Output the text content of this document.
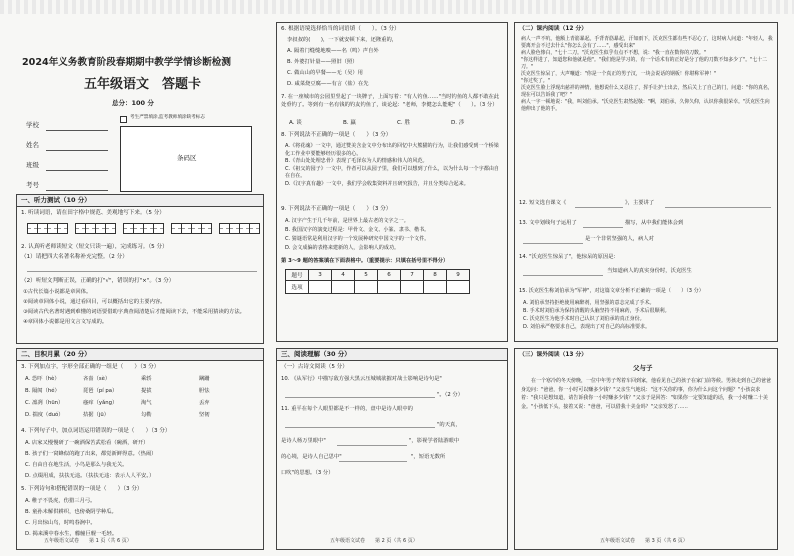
2024年义务教育阶段春期期中教学学情诊断检测
五年级语文　答题卡
总分：100 分
学校
姓名
班级
考号
考生严禁填涂,监考教师填涂缺考标志
条码区
一、听力测试（10 分）
1. 听读词语，请在田字格中规范、美观地写下来。（5 分）
2. 认真听老师读短文（短文只读一遍），完成练习。（5 分）
（1）请把四大名著名称补充完整。（2 分）
（2）听短文判断正误，正确的打"√"，错误的打"×"。（3 分）
①古代长篇小说都是章回体。
②阅读章回体小说，通过看回目，可以概括出它的主要内容。
③阅读古代名著时遇到难懂的词语要借助字典查阅清楚后才能阅读下去，不能采用猜读的方法。
④章回体小说都是用文言文写成的。
二、目积月累（20 分）
3. 下列加点字，字形全部正确的一组是（　　）（3 分）
A. 恐吓（hè）	吝啬（sè）	乘轿	蹒跚
B. 隔阂（hé）	琵琶（pí pa）	提拔	胆怯
C. 凛冽（hūn）	瘙痒（yǎng）	淘气	丢弃
D. 揣度（duó）	拮据（jū）	勾勒	坚韧
4. 下列句子中，加点词语运用错误的一项是（　　）（3 分）
A. 店家又慢慢研了一碗酒保苦武松看（碗酒，研开）
B. 孩子们一窝蜂似的跑了出来，都觉新鲜得意。（热闹）
C. 自由自在地生活，小鸟是那么与我无关。
D. 点缀用成，扶扶无违。（扶扶无违：表示人人平安。）
5. 下列诗句和搭配错误的一项是（　　）（3 分）
A. 稚子不畏虎，伤猎三月弓。
B. 童孙未解供耕织，也傍桑阴学种瓜。
C. 月出惊山鸟，时鸣春涧中。
D. 揭来溪中春水生，艨艟巨舰一毛轻。
6. 根据语境选择恰当的词语填（　　）。（3 分）
李叔叔的(　　)，一下就安顿下来，还隆重的，
A. 隔着门缝缝地嗅——名（鸣）声自外
B. 外婆打针量——照旧（照）
C. 做山山的早餐——无（吴）用
D. 咸菜烧豆腐——有言（盐）在先
7. 在一座城市的公园里竖起了一块牌子，上面写着："有人钓鱼……"当时钓鱼的人都不敢在此处垂钓了。等到有一名有钱的钓友钓鱼了，谈论起："老师，李健怎么能呢"（　　）。（3 分）
A. 谈	B. 赢	C. 胜	D. 涉
8. 下列说法不正确的一项是（　　）（3 分）
A.《将花魂》一文中，通过赞美含金文中分布出的回忆中大熊猫的行为，让我们感受到一个桥梁化工作业中要能够经历很多的心。
B.《青山处处埋忠骨》表现了毛泽东为人的情感和伟人的风范。
C.《祖父的园子》一文中，作者可以从园子里，我们可以想到了什么，以为什么每一个字都由自在自在。
D.《汉字真有趣》一文中，我们学会收集资料并且研究报告，并且分类综合起来。
9. 下列说法不正确的一项是（　　）（3 分）
A. 汉字产生于几千年前，是世界上最古老的文字之一。
B. 我国汉字的演变过程是：甲骨文、金文、小篆、隶书、楷书。
C. 猜谜语常是利用汉字的一个发展种研究中国文字的一个文件。
D. 会文成偏的表格来建新的人，会影响人的成功。
第 3～9 题的答案填在下面表格中。（重要提示：只填在括号里不得分）
题号	3	4	5	6	7	8	9
选项							
三、阅读理解（30 分）
（一）古诗文阅读（5 分）
10. 《从军行》中描写敌方强大黑云压城城欲摧对战士影响是诗句是"
"。（2 分）
11. 重平在每个人眼里都是不一样的，盘中是诗人眼中的
"的天真，
是诗人杨万里眼中"	"，影视学者陆游眼中
的心境，是诗人自己思中"	"，短语无数所
口吹"的思想。（3 分）
（二）课内阅读（12 分）
病人一声不吭，他额上青筋暴起。手背青筋暴起，汗如雨下，沃克医生都有些不忍心了，这时病人问道："年轻人，我要离开会不过去什么"你怎么会有了……"，感受出来"
病人脸色惨白，"七十二刀。"沃克医生似乎有点不不想，说："我一直在数你的刀数。"
"你这样进了，知道您和他就是他"。"我们他是学习的，有一个话术有的正好是分了他的刀数不知多少了"。"七十二刀。"
沃克医生惊呆了，大声嚷道："你是一个真正的男子汉，一块会说话的钢板！你堪称军神！"
"你过奖了。"
沃克医生脸上浮现出慈祥的神情，他想说什么又忍住了，挥手让护士出去，然后关上了自己的门，问道："你的真名，现在可以告诉我了吧？"
病人一字一顿地说："我，叫刘伯承。"沃克医生肃然起敬："啊，刘伯承，久仰久仰，认识你我很荣幸。"沃克医生向他伸出了他的手。
12. 短文选自课文《	》，主要讲了
13. 文中划线句子运用了	描写，从中我们能体会到
是一个非常坚强的人，病人对
14. "沃克医生惊呆了"，他惊呆的原因是：
当知道病人的真实身份时，沃克医生
15. 沃克医生称刘伯承为"军神"，对这篇文章分析不正确的一项是（　　）（3 分）
A. 刘伯承坚持拒绝使用麻醉剂，用坚强的意志完成了手术。
B. 手术时刘伯承为保持清醒的头脑坚持不用麻药，手术后很顺利。
C. 沃克医生为他手术时自己认识了刘伯承的真正身份。
D. 刘伯承严格要求自己，表现出了对自己的高标准要求。
（三）课外阅读（13 分）
父与子
在一个寒冷的冬天傍晚，一位中年男子驾着车回到家，他看见自己的孩子在家门前等候。男孩走到自己的爸爸身边问："爸爸，你一小时可以赚多少钱？"父亲生气地说："这不关你的事，你为什么问这个问题？"小孩哀求着："我只是想知道，请告诉我你一小时赚多少钱？"父亲于是回答："如果你一定要知道的话，我一小时赚二十美金。"小孩低下头，接着又说："爸爸，可以借我十美金吗？"父亲发怒了……
五年级语文试卷　　第 1 页（共 6 页）	五年级语文试卷　　第 2 页（共 6 页）	五年级语文试卷　　第 3 页（共 6 页）
